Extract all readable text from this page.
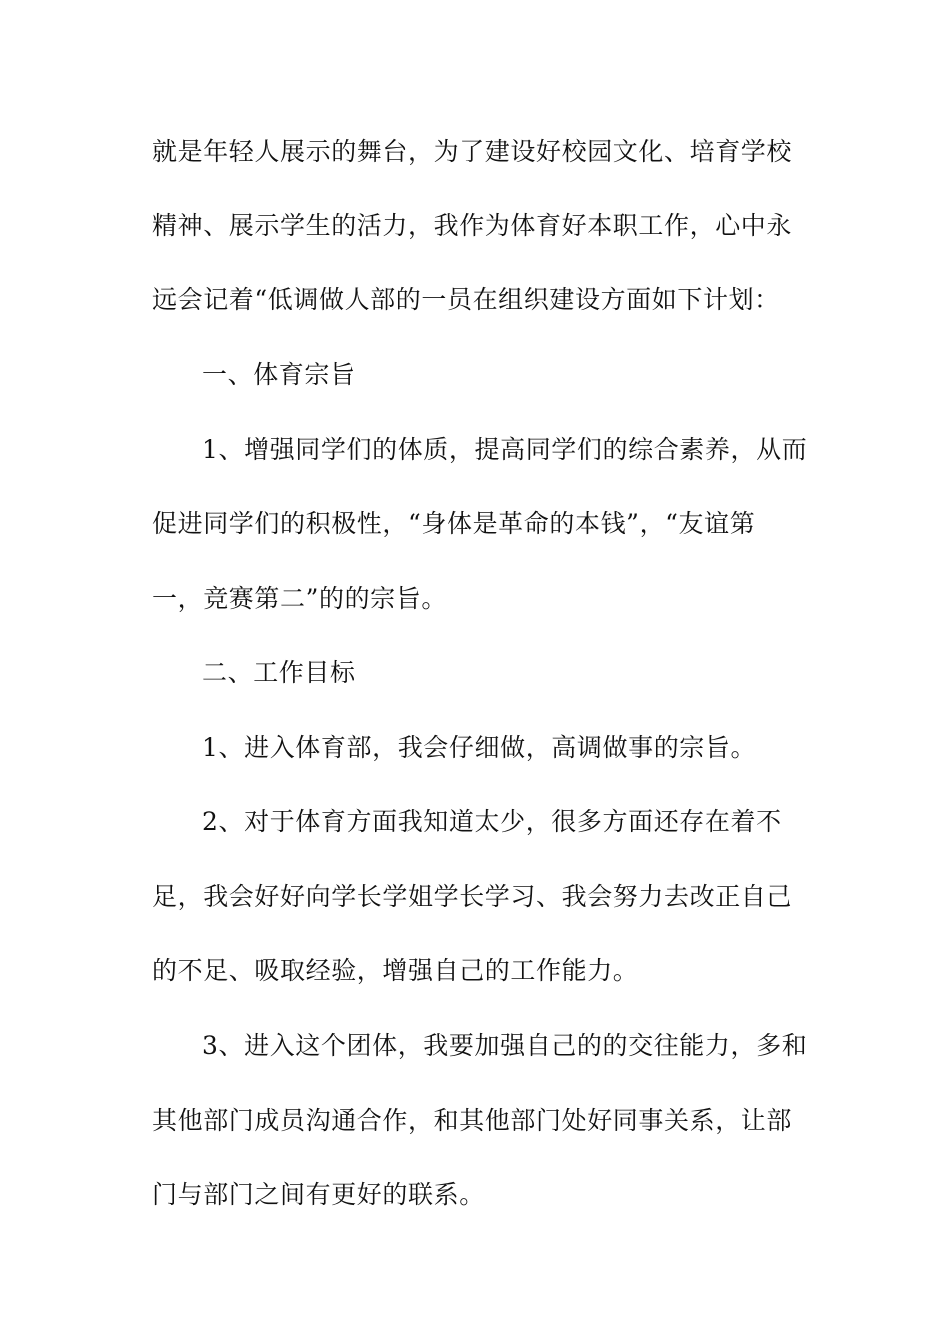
就是年轻人展示的舞台，为了建设好校园文化、培育学校

精神、展示学生的活力，我作为体育好本职工作，心中永

远会记着“低调做人部的一员在组织建设方面如下计划：

一、体育宗旨

1、增强同学们的体质，提高同学们的综合素养，从而

促进同学们的积极性，“身体是革命的本钱”，“友谊第

一，竞赛第二”的的宗旨。

二、工作目标

1、进入体育部，我会仔细做，高调做事的宗旨。

2、对于体育方面我知道太少，很多方面还存在着不

足，我会好好向学长学姐学长学习、我会努力去改正自己

的不足、吸取经验，增强自己的工作能力。

3、进入这个团体，我要加强自己的的交往能力，多和

其他部门成员沟通合作，和其他部门处好同事关系，让部

门与部门之间有更好的联系。
